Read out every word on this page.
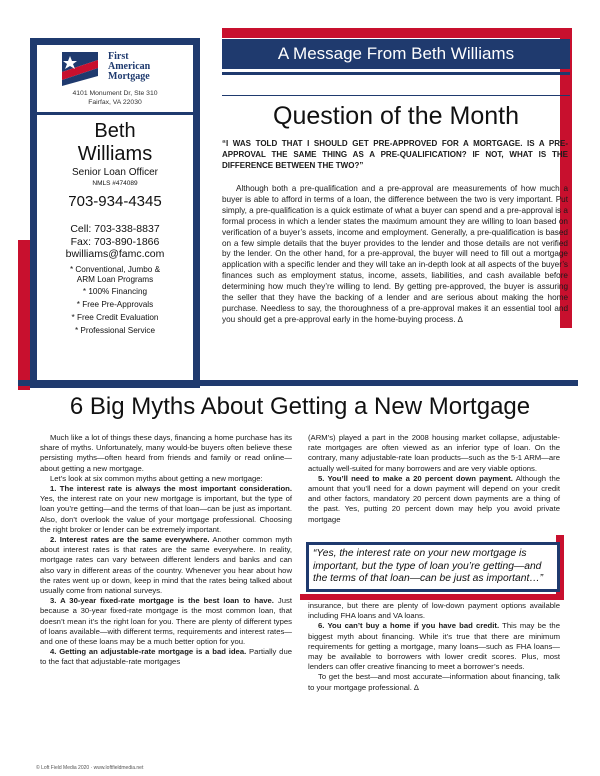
First
American
Mortgage
4101 Monument Dr, Ste 310
Fairfax, VA 22030
Beth
Williams
Senior Loan Officer
NMLS #474089
703-934-4345
Cell: 703-338-8837
Fax: 703-890-1866
bwilliams@famc.com
* Conventional, Jumbo &
ARM Loan Programs
* 100% Financing
* Free Pre-Approvals
* Free Credit Evaluation
* Professional Service
A Message From Beth Williams
Question of the Month
“I WAS TOLD THAT I SHOULD GET PRE-APPROVED FOR A MORTGAGE. IS A PRE-APPROVAL THE SAME THING AS A PRE-QUALIFICATION? IF NOT, WHAT IS THE DIFFERENCE BETWEEN THE TWO?”
Although both a pre-qualification and a pre-approval are measurements of how much a buyer is able to afford in terms of a loan, the difference between the two is very important. Put simply, a pre-qualification is a quick estimate of what a buyer can spend and a pre-approval is a formal process in which a lender states the maximum amount they are willing to loan based on verification of a buyer’s assets, income and employment. Generally, a pre-qualification is based on a few simple details that the buyer provides to the lender and those details are not verified by the lender. On the other hand, for a pre-approval, the buyer will need to fill out a mortgage application with a specific lender and they will take an in-depth look at all aspects of the buyer’s finances such as employment status, income, assets, liabilities, and cash available before determining how much they’re willing to lend. By getting pre-approved, the buyer is assuring the seller that they have the backing of a lender and are serious about making the home purchase. Needless to say, the thoroughness of a pre-approval makes it an essential tool and you should get a pre-approval early in the home-buying process. ∆
6 Big Myths About Getting a New Mortgage

Much like a lot of things these days, financing a home purchase has its share of myths. Unfortunately, many would-be buyers often believe these persisting myths—often heard from friends and family or read online—about getting a new mortgage.

Let’s look at six common myths about getting a new mortgage:

1. The interest rate is always the most important consideration. Yes, the interest rate on your new mortgage is important, but the type of loan you’re getting—and the terms of that loan—can be just as important. Also, don’t overlook the value of your mortgage professional. Choosing the right broker or lender can be extremely important.

2. Interest rates are the same everywhere. Another common myth about interest rates is that rates are the same everywhere. In reality, mortgage rates can vary between different lenders and banks and can also vary in different areas of the country. Whenever you hear about how the rates went up or down, keep in mind that the rates being talked about usually come from national surveys.

3. A 30-year fixed-rate mortgage is the best loan to have. Just because a 30-year fixed-rate mortgage is the most common loan, that doesn’t mean it’s the right loan for you. There are plenty of different types of loans available—with different terms, requirements and interest rates—and one of these loans may be a much better option for you.

4. Getting an adjustable-rate mortgage is a bad idea. Partially due to the fact that adjustable-rate mortgages

(ARM’s) played a part in the 2008 housing market collapse, adjustable-rate mortgages are often viewed as an inferior type of loan. On the contrary, many adjustable-rate loan products—such as the 5-1 ARM—are actually well-suited for many borrowers and are very viable options.

5. You’ll need to make a 20 percent down payment. Although the amount that you’ll need for a down payment will depend on your credit and other factors, mandatory 20 percent down payments are a thing of the past. Yes, putting 20 percent down may help you avoid private mortgage

“Yes, the interest rate on your new mortgage is important, but the type of loan you’re getting—and the terms of that loan—can be just as important…”

insurance, but there are plenty of low-down payment options available including FHA loans and VA loans.

6. You can’t buy a home if you have bad credit. This may be the biggest myth about financing. While it’s true that there are minimum requirements for getting a mortgage, many loans—such as FHA loans—may be available to borrowers with lower credit scores. Plus, most lenders can offer creative financing to meet a borrower’s needs.

To get the best—and most accurate—information about financing, talk to your mortgage professional. ∆

© Loft Field Media 2020 · www.loftfieldmedia.net
